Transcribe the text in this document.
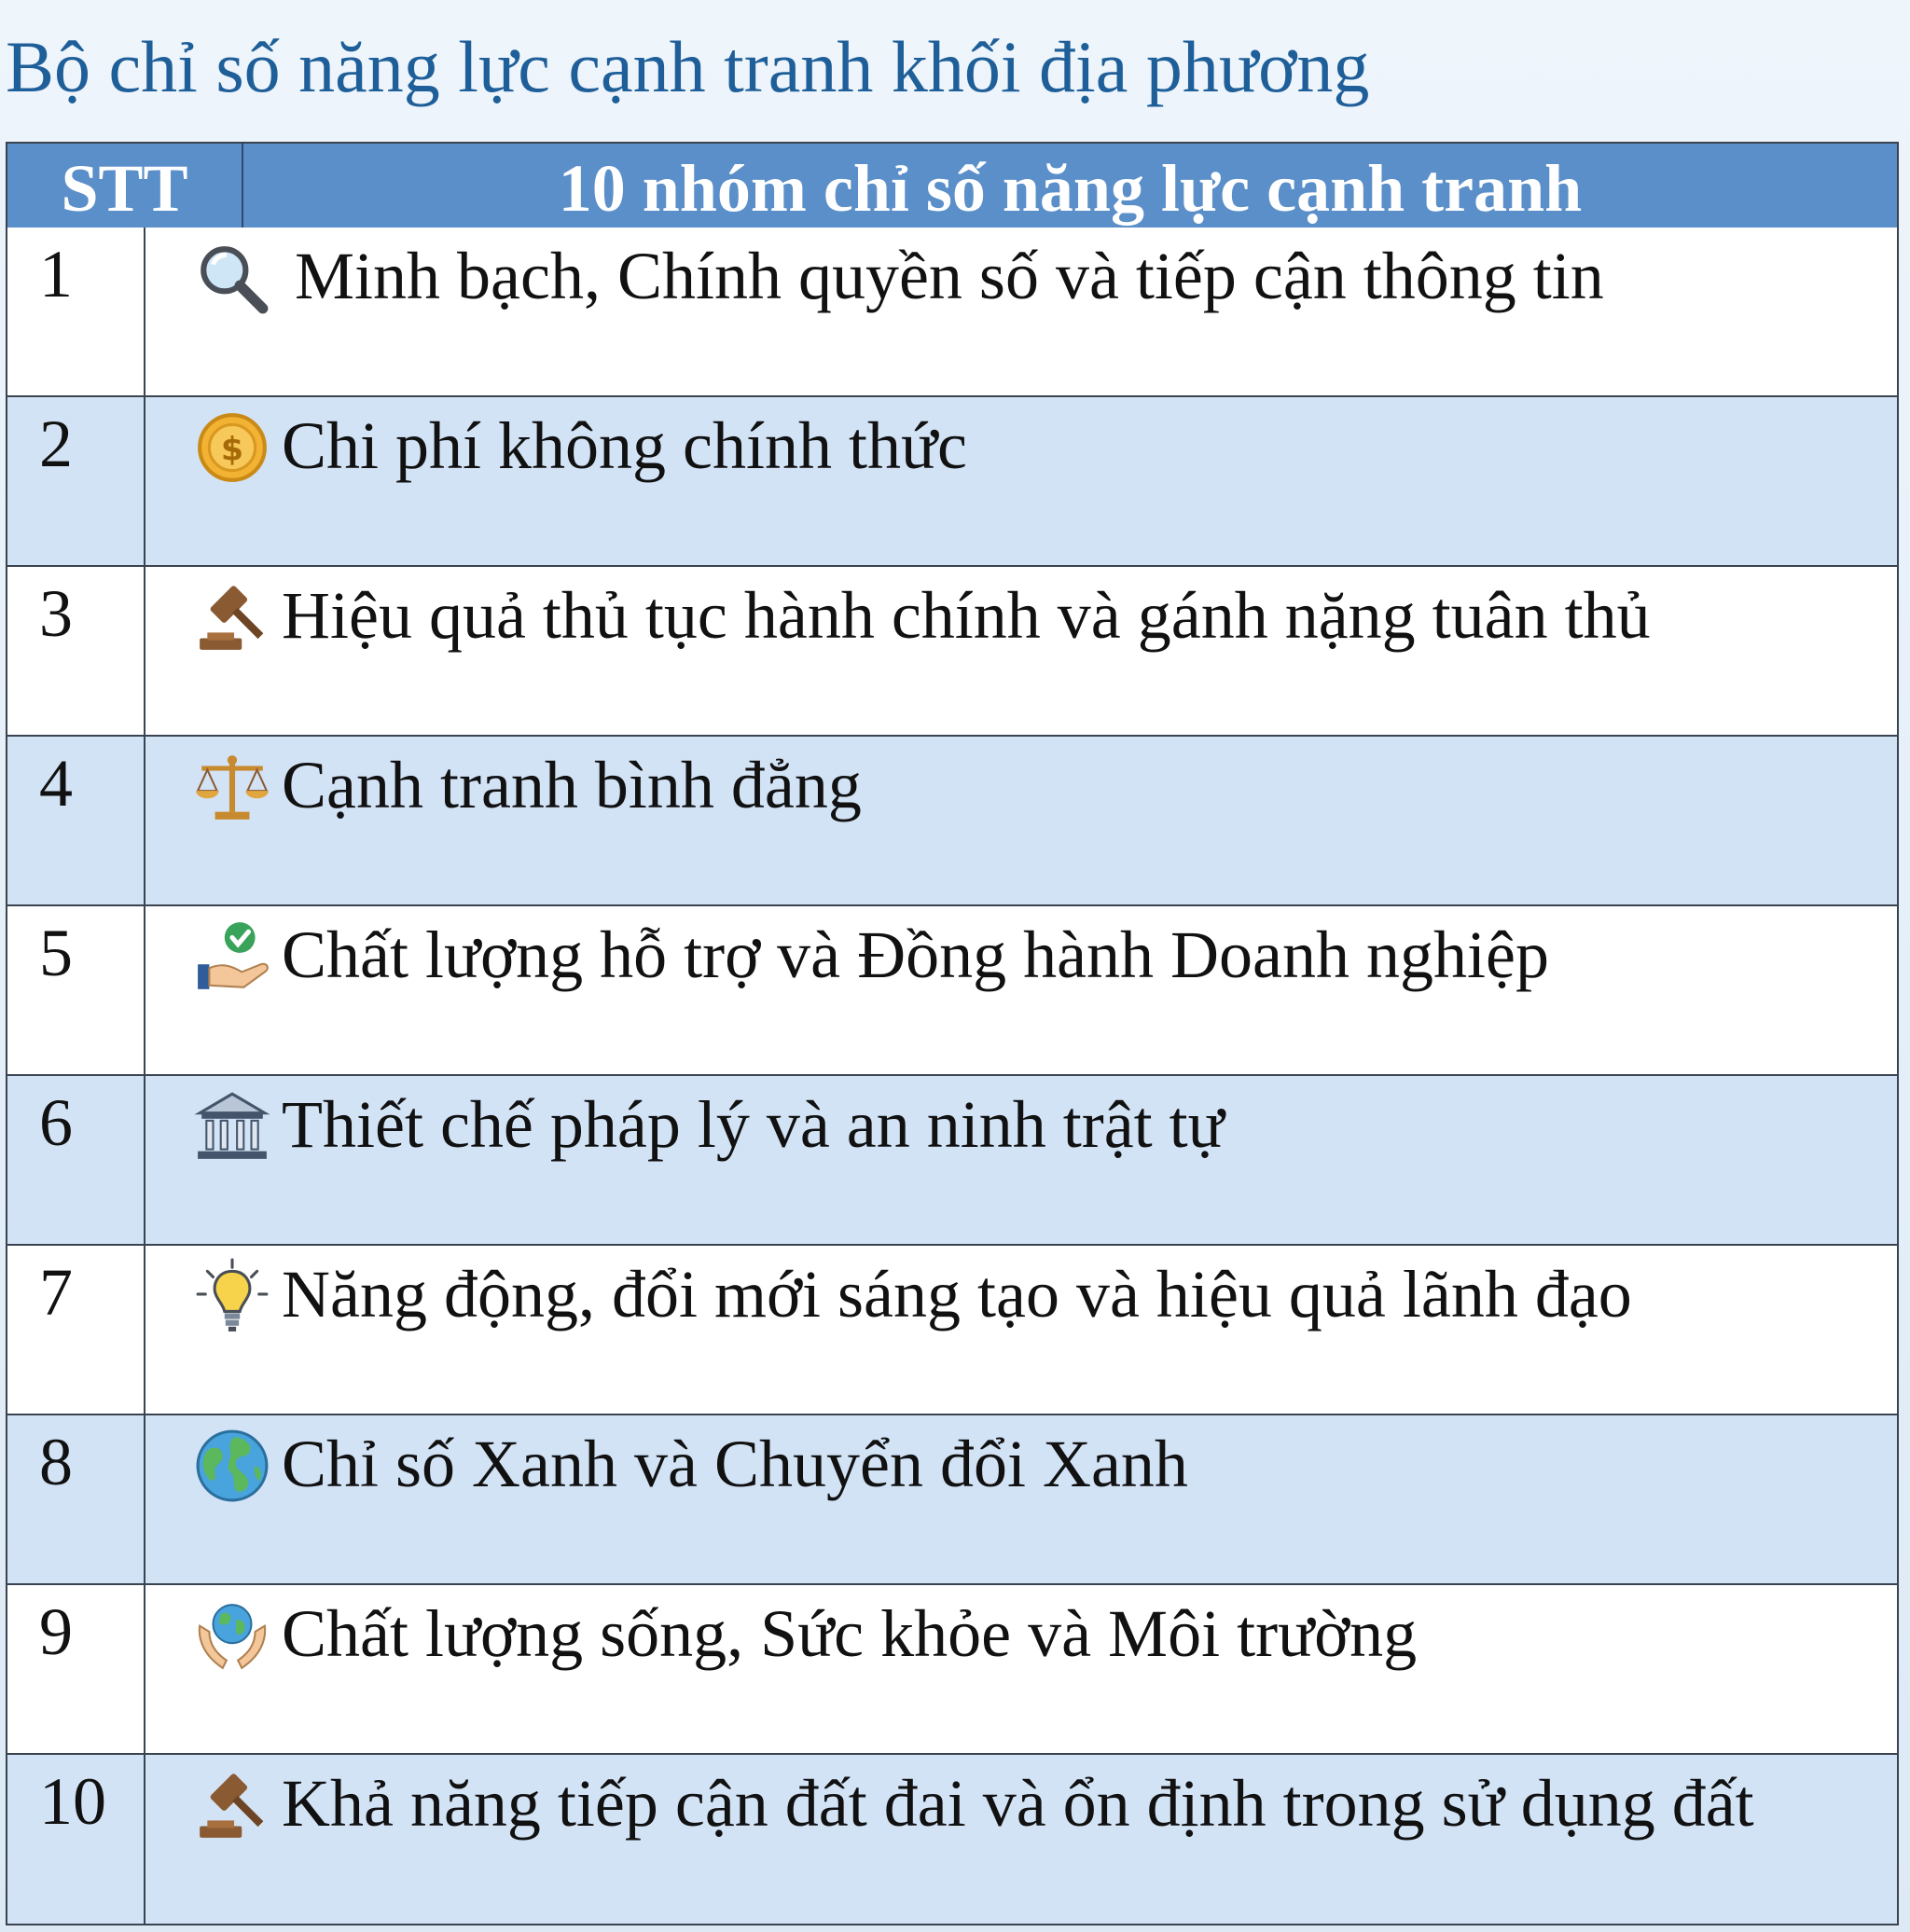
Bộ chỉ số năng lực cạnh tranh khối địa phương
STT	10 nhóm chỉ số năng lực cạnh tranh
1	Minh bạch, Chính quyền số và tiếp cận thông tin
2	$ Chi phí không chính thức
3	Hiệu quả thủ tục hành chính và gánh nặng tuân thủ
4	Cạnh tranh bình đẳng
5	Chất lượng hỗ trợ và Đồng hành Doanh nghiệp
6	Thiết chế pháp lý và an ninh trật tự
7	Năng động, đổi mới sáng tạo và hiệu quả lãnh đạo
8	Chỉ số Xanh và Chuyển đổi Xanh
9	Chất lượng sống, Sức khỏe và Môi trường
10	Khả năng tiếp cận đất đai và ổn định trong sử dụng đất
